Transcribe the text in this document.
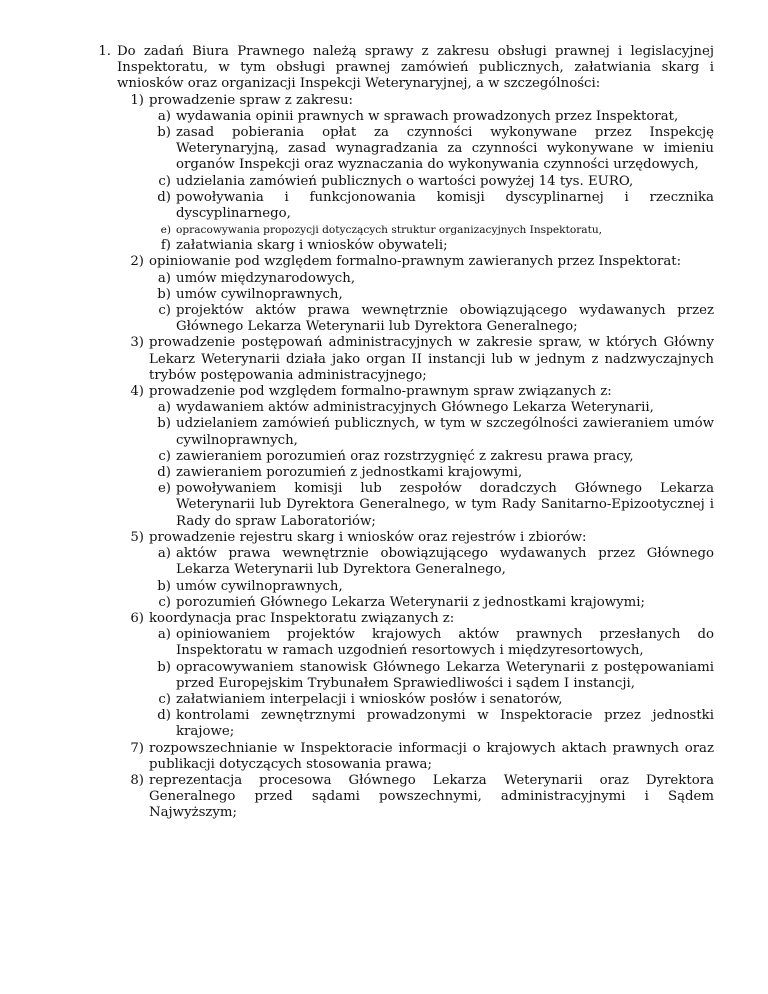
1. Do zadań Biura Prawnego należą sprawy z zakresu obsługi prawnej i legislacyjnej Inspektoratu, w tym obsługi prawnej zamówień publicznych, załatwiania skarg i wniosków oraz organizacji Inspekcji Weterynaryjnej, a w szczególności:
1) prowadzenie spraw z zakresu:
a) wydawania opinii prawnych w sprawach prowadzonych przez Inspektorat,
b) zasad pobierania opłat za czynności wykonywane przez Inspekcję Weterynaryjną, zasad wynagradzania za czynności wykonywane w imieniu organów Inspekcji oraz wyznaczania do wykonywania czynności urzędowych,
c) udzielania zamówień publicznych o wartości powyżej 14 tys. EURO,
d) powoływania i funkcjonowania komisji dyscyplinarnej i rzecznika dyscyplinarnego,
e) opracowywania propozycji dotyczących struktur organizacyjnych Inspektoratu,
f) załatwiania skarg i wniosków obywateli;
2) opiniowanie pod względem formalno-prawnym zawieranych przez Inspektorat:
a) umów międzynarodowych,
b) umów cywilnoprawnych,
c) projektów aktów prawa wewnętrznie obowiązującego wydawanych przez Głównego Lekarza Weterynarii lub Dyrektora Generalnego;
3) prowadzenie postępowań administracyjnych w zakresie spraw, w których Główny Lekarz Weterynarii działa jako organ II instancji lub w jednym z nadzwyczajnych trybów postępowania administracyjnego;
4) prowadzenie pod względem formalno-prawnym spraw związanych z:
a) wydawaniem aktów administracyjnych Głównego Lekarza Weterynarii,
b) udzielaniem zamówień publicznych, w tym w szczególności zawieraniem umów cywilnoprawnych,
c) zawieraniem porozumień oraz rozstrzygnięć z zakresu prawa pracy,
d) zawieraniem porozumień z jednostkami krajowymi,
e) powoływaniem komisji lub zespołów doradczych Głównego Lekarza Weterynarii lub Dyrektora Generalnego, w tym Rady Sanitarno-Epizootycznej i Rady do spraw Laboratoriów;
5) prowadzenie rejestru skarg i wniosków oraz rejestrów i zbiorów:
a) aktów prawa wewnętrznie obowiązującego wydawanych przez Głównego Lekarza Weterynarii lub Dyrektora Generalnego,
b) umów cywilnoprawnych,
c) porozumień Głównego Lekarza Weterynarii z jednostkami krajowymi;
6) koordynacja prac Inspektoratu związanych z:
a) opiniowaniem projektów krajowych aktów prawnych przesłanych do Inspektoratu w ramach uzgodnień resortowych i międzyresortowych,
b) opracowywaniem stanowisk Głównego Lekarza Weterynarii z postępowaniami przed Europejskim Trybunałem Sprawiedliwości i sądem I instancji,
c) załatwianiem interpelacji i wniosków posłów i senatorów,
d) kontrolami zewnętrznymi prowadzonymi w Inspektoracie przez jednostki krajowe;
7) rozpowszechnianie w Inspektoracie informacji o krajowych aktach prawnych oraz publikacji dotyczących stosowania prawa;
8) reprezentacja procesowa Głównego Lekarza Weterynarii oraz Dyrektora Generalnego przed sądami powszechnymi, administracyjnymi i Sądem Najwyższym;
